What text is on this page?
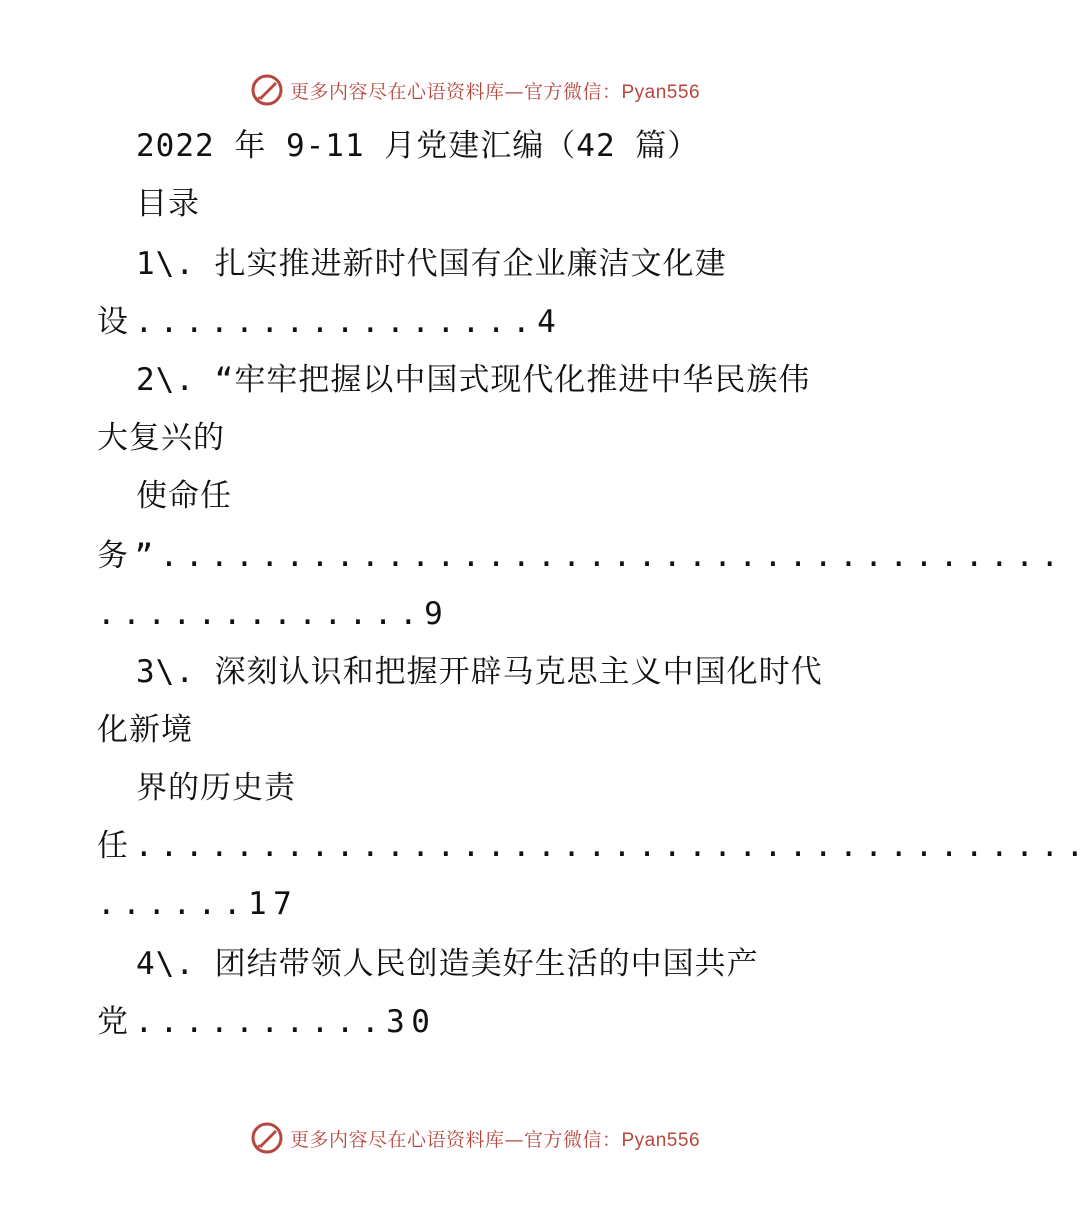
更多内容尽在心语资料库—官方微信：Pyan556
2022 年 9-11 月党建汇编（42 篇）
目录
1\. 扎实推进新时代国有企业廉洁文化建
设................4
2\. “牢牢把握以中国式现代化推进中华民族伟
大复兴的
使命任
务”....................................
.............9
3\. 深刻认识和把握开辟马克思主义中国化时代
化新境
界的历史责
任......................................
......17
4\. 团结带领人民创造美好生活的中国共产
党..........30
更多内容尽在心语资料库—官方微信：Pyan556
